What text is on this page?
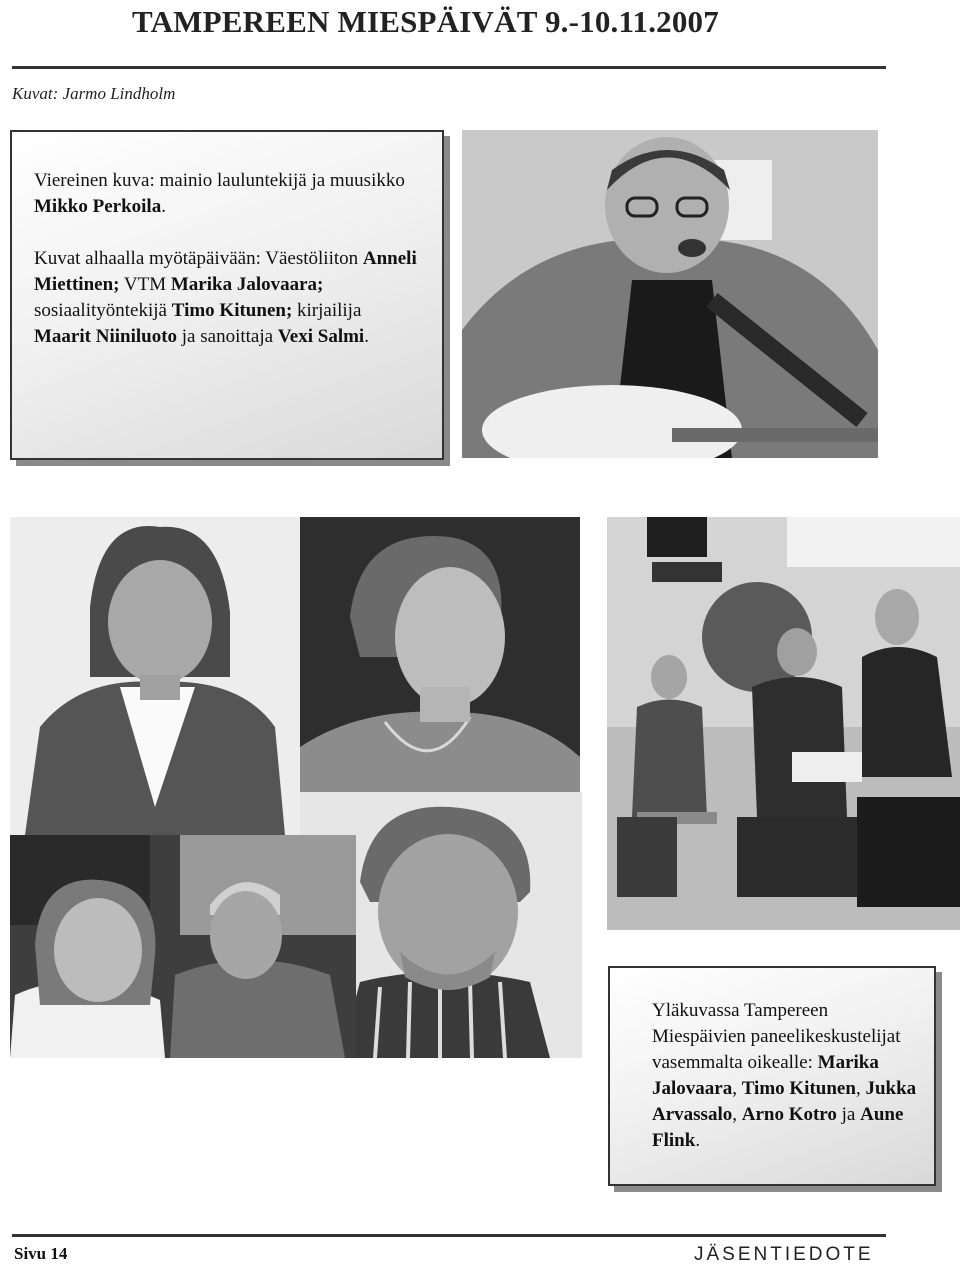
TAMPEREEN MIESPÄIVÄT 9.-10.11.2007
Kuvat: Jarmo Lindholm

Viereinen kuva: mainio lauluntekijä ja muusikko Mikko Perkoila.

Kuvat alhaalla myötäpäivään: Väestöliiton Anneli Miettinen; VTM Marika Jalovaara; sosiaalityöntekijä Timo Kitunen; kirjailija Maarit Niiniluoto ja sanoittaja Vexi Salmi.

Yläkuvassa Tampereen Miespäivien paneelikeskustelijat vasemmalta oikealle: Marika Jalovaara, Timo Kitunen, Jukka Arvassalo, Arno Kotro ja Aune Flink.

Sivu 14	JÄSENTIEDOTE
